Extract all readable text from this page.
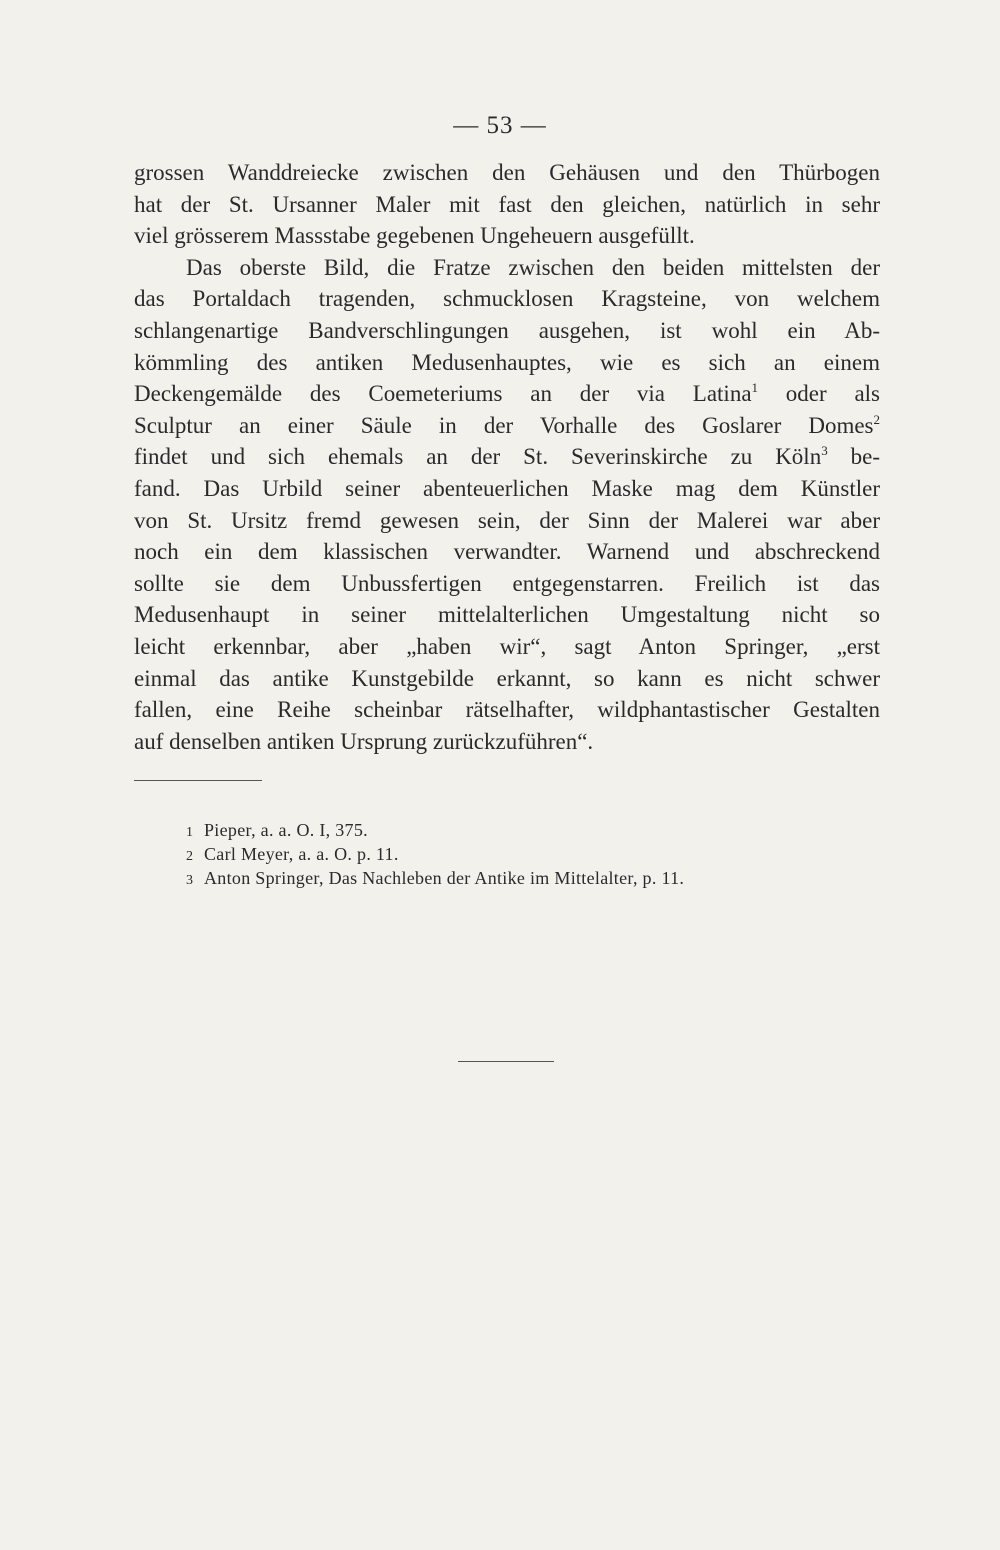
— 53 —
grossen Wanddreiecke zwischen den Gehäusen und den Thürbogen
hat der St. Ursanner Maler mit fast den gleichen, natürlich in sehr
viel grösserem Massstabe gegebenen Ungeheuern ausgefüllt.
Das oberste Bild, die Fratze zwischen den beiden mittelsten der
das Portaldach tragenden, schmucklosen Kragsteine, von welchem
schlangenartige Bandverschlingungen ausgehen, ist wohl ein Ab-
kömmling des antiken Medusenhauptes, wie es sich an einem
Deckengemälde des Coemeteriums an der via Latina$^1$ oder als
Sculptur an einer Säule in der Vorhalle des Goslarer Domes$^2$
findet und sich ehemals an der St. Severinskirche zu Köln$^3$ be-
fand. Das Urbild seiner abenteuerlichen Maske mag dem Künstler
von St. Ursitz fremd gewesen sein, der Sinn der Malerei war aber
noch ein dem klassischen verwandter. Warnend und abschreckend
sollte sie dem Unbussfertigen entgegenstarren. Freilich ist das
Medusenhaupt in seiner mittelalterlichen Umgestaltung nicht so
leicht erkennbar, aber „haben wir“, sagt Anton Springer, „erst
einmal das antike Kunstgebilde erkannt, so kann es nicht schwer
fallen, eine Reihe scheinbar rätselhafter, wildphantastischer Gestalten
auf denselben antiken Ursprung zurückzuführen“.
1 Pieper, a. a. O. I, 375.
2 Carl Meyer, a. a. O. p. 11.
3 Anton Springer, Das Nachleben der Antike im Mittelalter, p. 11.
